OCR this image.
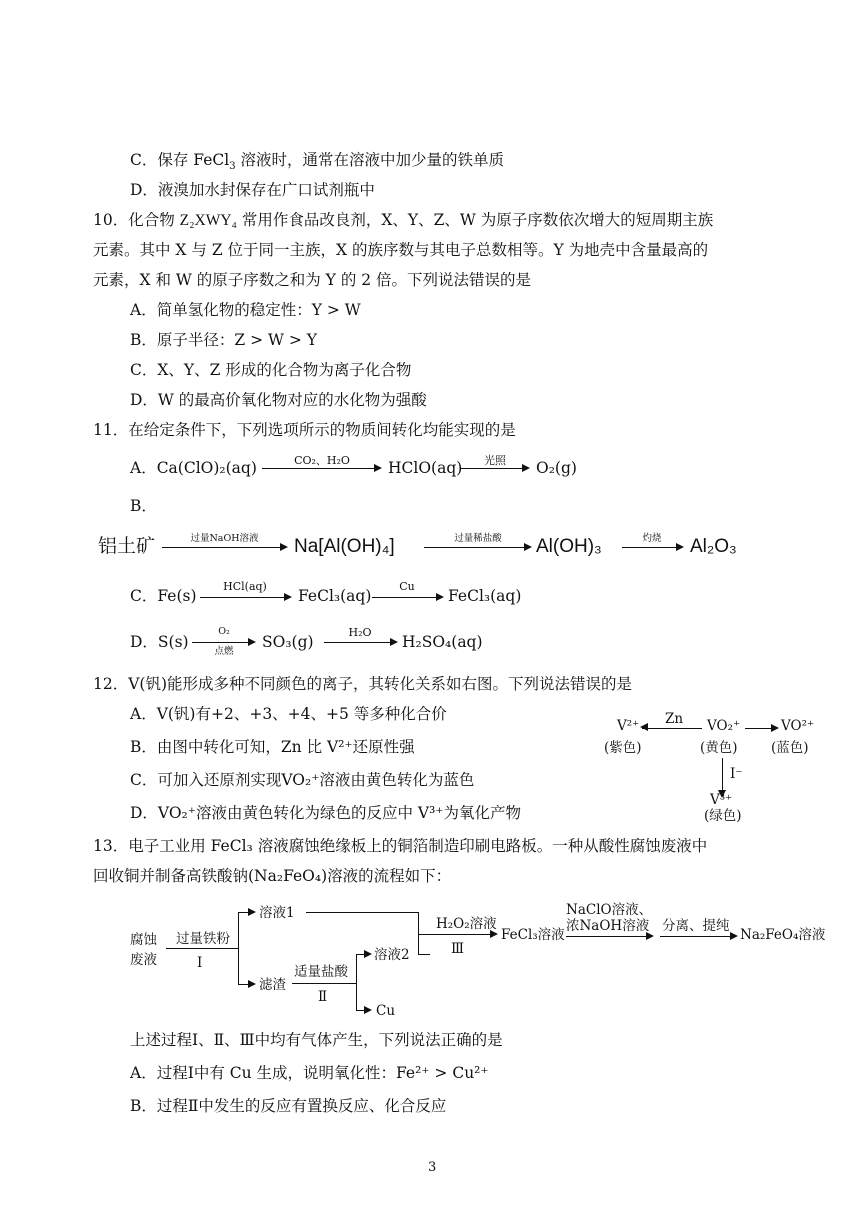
C．保存 FeCl$_3$ 溶液时，通常在溶液中加少量的铁单质
D．液溴加水封保存在广口试剂瓶中
10．化合物 Z₂XWY₄ 常用作食品改良剂，X、Y、Z、W 为原子序数依次增大的短周期主族
元素。其中 X 与 Z 位于同一主族，X 的族序数与其电子总数相等。Y 为地壳中含量最高的
元素，X 和 W 的原子序数之和为 Y 的 2 倍。下列说法错误的是
A．简单氢化物的稳定性：Y > W
B．原子半径：Z > W > Y
C．X、Y、Z 形成的化合物为离子化合物
D．W 的最高价氧化物对应的水化物为强酸
11．在给定条件下，下列选项所示的物质间转化均能实现的是
A．Ca(ClO)₂(aq)	CO₂、H₂O	HClO(aq)	光照	O₂(g)
B．
铝土矿	过量NaOH溶液	Na[Al(OH)₄]	过量稀盐酸	Al(OH)₃	灼烧	Al₂O₃
C．Fe(s)
HCl(aq)
FeCl₃(aq)
Cu
FeCl₃(aq)
D．S(s)
O₂
点燃
SO₃(g)
H₂O
H₂SO₄(aq)
12．V(钒)能形成多种不同颜色的离子，其转化关系如右图。下列说法错误的是
A．V(钒)有+2、+3、+4、+5 等多种化合价
B．由图中转化可知，Zn 比 V²⁺还原性强
C．可加入还原剂实现VO₂⁺溶液由黄色转化为蓝色
D．VO₂⁺溶液由黄色转化为绿色的反应中 V³⁺为氧化产物
V²⁺
(紫色)
Zn VO₂⁺
(黄色)
VO²⁺
(蓝色)
I⁻
V³⁺
(绿色)
13．电子工业用 FeCl₃ 溶液腐蚀绝缘板上的铜箔制造印刷电路板。一种从酸性腐蚀废液中
回收铜并制备高铁酸钠(Na₂FeO₄)溶液的流程如下：
腐蚀
废液
过量铁粉
Ⅰ
溶液1
滤渣
适量盐酸
Ⅱ
溶液2
Cu
H₂O₂溶液
Ⅲ
FeCl₃溶液
NaClO溶液、
浓NaOH溶液 分离、提纯
Na₂FeO₄溶液
上述过程Ⅰ、Ⅱ、Ⅲ中均有气体产生，下列说法正确的是
A．过程Ⅰ中有 Cu 生成，说明氧化性：Fe²⁺ > Cu²⁺
B．过程Ⅱ中发生的反应有置换反应、化合反应
3
